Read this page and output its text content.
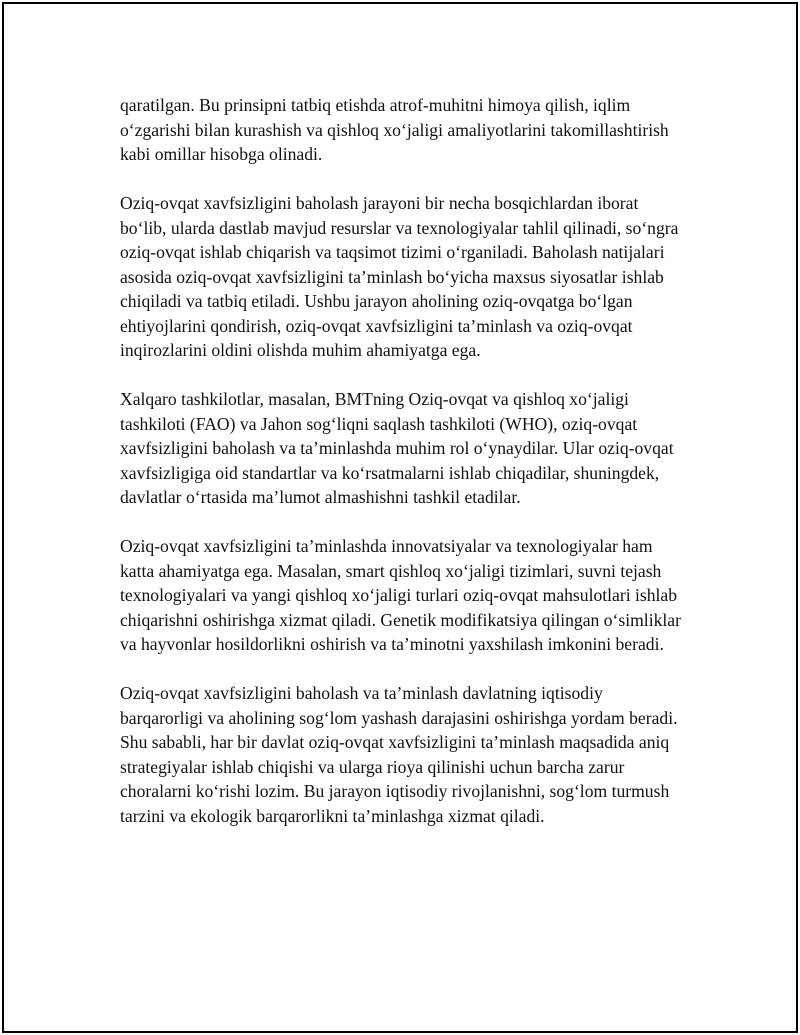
qaratilgan. Bu prinsipni tatbiq etishda atrof-muhitni himoya qilish, iqlim o‘zgarishi bilan kurashish va qishloq xo‘jaligi amaliyotlarini takomillashtirish kabi omillar hisobga olinadi.

Oziq-ovqat xavfsizligini baholash jarayoni bir necha bosqichlardan iborat bo‘lib, ularda dastlab mavjud resurslar va texnologiyalar tahlil qilinadi, so‘ngra oziq-ovqat ishlab chiqarish va taqsimot tizimi o‘rganiladi. Baholash natijalari asosida oziq-ovqat xavfsizligini ta’minlash bo‘yicha maxsus siyosatlar ishlab chiqiladi va tatbiq etiladi. Ushbu jarayon aholining oziq-ovqatga bo‘lgan ehtiyojlarini qondirish, oziq-ovqat xavfsizligini ta’minlash va oziq-ovqat inqirozlarini oldini olishda muhim ahamiyatga ega.

Xalqaro tashkilotlar, masalan, BMTning Oziq-ovqat va qishloq xo‘jaligi tashkiloti (FAO) va Jahon sog‘liqni saqlash tashkiloti (WHO), oziq-ovqat xavfsizligini baholash va ta’minlashda muhim rol o‘ynaydilar. Ular oziq-ovqat xavfsizligiga oid standartlar va ko‘rsatmalarni ishlab chiqadilar, shuningdek, davlatlar o‘rtasida ma’lumot almashishni tashkil etadilar.

Oziq-ovqat xavfsizligini ta’minlashda innovatsiyalar va texnologiyalar ham katta ahamiyatga ega. Masalan, smart qishloq xo‘jaligi tizimlari, suvni tejash texnologiyalari va yangi qishloq xo‘jaligi turlari oziq-ovqat mahsulotlari ishlab chiqarishni oshirishga xizmat qiladi. Genetik modifikatsiya qilingan o‘simliklar va hayvonlar hosildorlikni oshirish va ta’minotni yaxshilash imkonini beradi.

Oziq-ovqat xavfsizligini baholash va ta’minlash davlatning iqtisodiy barqarorligi va aholining sog‘lom yashash darajasini oshirishga yordam beradi. Shu sababli, har bir davlat oziq-ovqat xavfsizligini ta’minlash maqsadida aniq strategiyalar ishlab chiqishi va ularga rioya qilinishi uchun barcha zarur choralarni ko‘rishi lozim. Bu jarayon iqtisodiy rivojlanishni, sog‘lom turmush tarzini va ekologik barqarorlikni ta’minlashga xizmat qiladi.
